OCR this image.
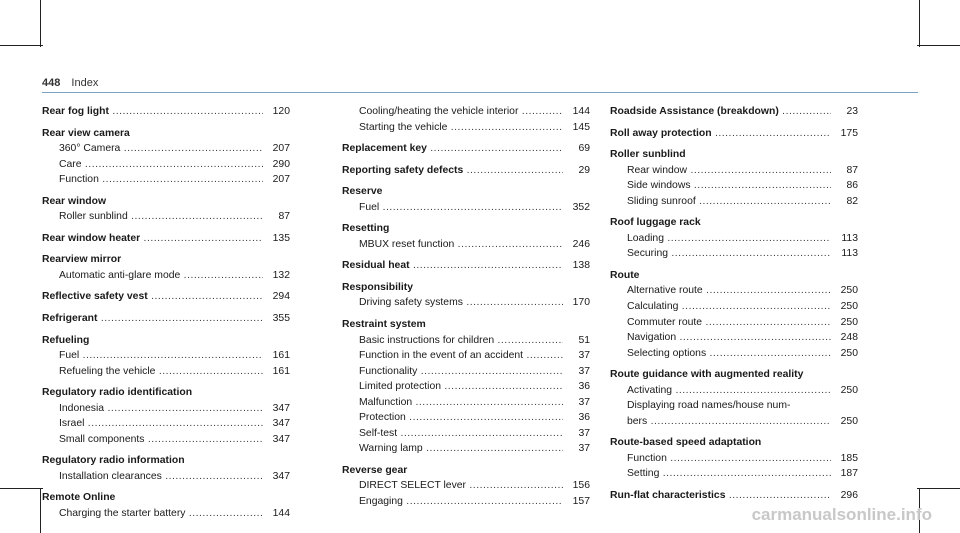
448 Index
Rear fog light .....	120
Rear view camera
360° Camera .....	207
Care .....	290
Function .....	207
Rear window
Roller sunblind .....	87
Rear window heater .....	135
Rearview mirror
Automatic anti-glare mode .....	132
Reflective safety vest .....	294
Refrigerant .....	355
Refueling
Fuel .....	161
Refueling the vehicle .....	161
Regulatory radio identification
Indonesia .....	347
Israel .....	347
Small components .....	347
Regulatory radio information
Installation clearances .....	347
Remote Online
Charging the starter battery .....	144
Cooling/heating the vehicle interior .....	144
Starting the vehicle .....	145
Replacement key .....	69
Reporting safety defects .....	29
Reserve
Fuel .....	352
Resetting
MBUX reset function .....	246
Residual heat .....	138
Responsibility
Driving safety systems .....	170
Restraint system
Basic instructions for children .....	51
Function in the event of an accident .....	37
Functionality .....	37
Limited protection .....	36
Malfunction .....	37
Protection .....	36
Self-test .....	37
Warning lamp .....	37
Reverse gear
DIRECT SELECT lever .....	156
Engaging .....	157
Roadside Assistance (breakdown) .....	23
Roll away protection .....	175
Roller sunblind
Rear window .....	87
Side windows .....	86
Sliding sunroof .....	82
Roof luggage rack
Loading .....	113
Securing .....	113
Route
Alternative route .....	250
Calculating .....	250
Commuter route .....	250
Navigation .....	248
Selecting options .....	250
Route guidance with augmented reality
Activating .....	250
Displaying road names/house num-
bers .....	250
Route-based speed adaptation
Function .....	185
Setting .....	187
Run-flat characteristics .....	296
carmanualsonline.info
